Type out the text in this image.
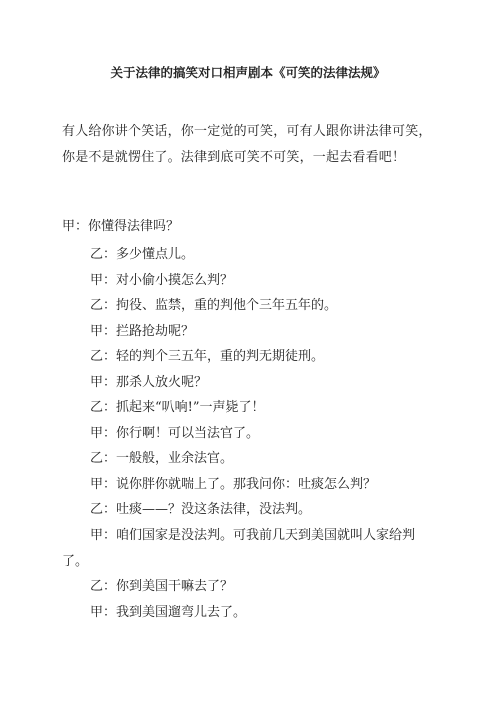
关于法律的搞笑对口相声剧本《可笑的法律法规》
有人给你讲个笑话，你一定觉的可笑，可有人跟你讲法律可笑，你是不是就愣住了。法律到底可笑不可笑，一起去看看吧！
甲：你懂得法律吗？
乙：多少懂点儿。
甲：对小偷小摸怎么判？
乙：拘役、监禁，重的判他个三年五年的。
甲：拦路抢劫呢？
乙：轻的判个三五年，重的判无期徒刑。
甲：那杀人放火呢？
乙：抓起来“叭响!”一声毙了！
甲：你行啊！可以当法官了。
乙：一般般，业余法官。
甲：说你胖你就喘上了。那我问你：吐痰怎么判？
乙：吐痰——？没这条法律，没法判。
甲：咱们国家是没法判。可我前几天到美国就叫人家给判了。
乙：你到美国干嘛去了？
甲：我到美国遛弯儿去了。
